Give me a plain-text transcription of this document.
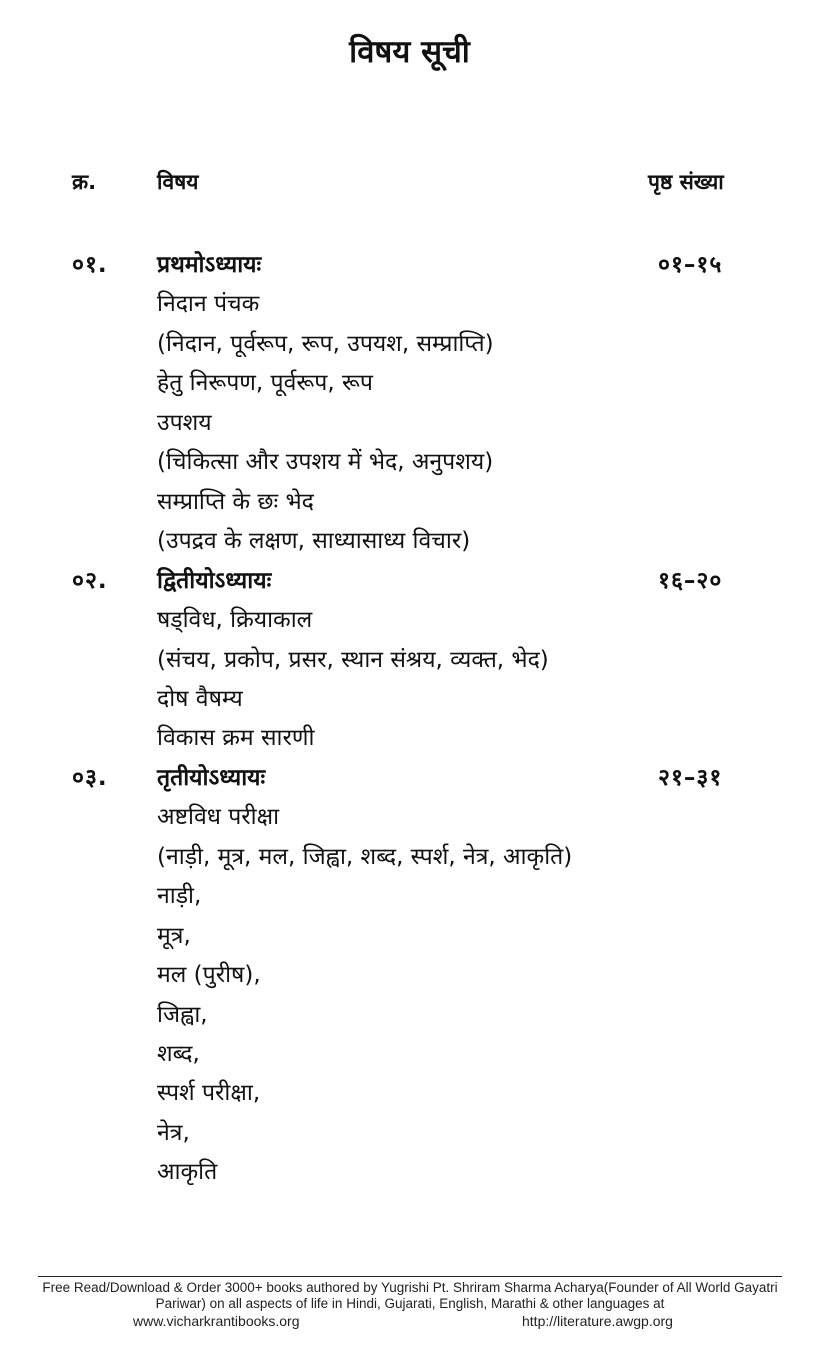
विषय सूची
क्र.	विषय	पृष्ठ संख्या
०१. प्रथमोऽध्यायः	०१–१५
निदान पंचक
(निदान, पूर्वरूप, रूप, उपयश, सम्प्राप्ति)
हेतु निरूपण, पूर्वरूप, रूप
उपशय
(चिकित्सा और उपशय में भेद, अनुपशय)
सम्प्राप्ति के छः भेद
(उपद्रव के लक्षण, साध्यासाध्य विचार)
०२. द्वितीयोऽध्यायः	१६–२०
षड्विध, क्रियाकाल
(संचय, प्रकोप, प्रसर, स्थान संश्रय, व्यक्त, भेद)
दोष वैषम्य
विकास क्रम सारणी
०३. तृतीयोऽध्यायः	२१–३१
अष्टविध परीक्षा
(नाड़ी, मूत्र, मल, जिह्वा, शब्द, स्पर्श, नेत्र, आकृति)
नाड़ी,
मूत्र,
मल (पुरीष),
जिह्वा,
शब्द,
स्पर्श परीक्षा,
नेत्र,
आकृति
Free Read/Download & Order 3000+ books authored by Yugrishi Pt. Shriram Sharma Acharya(Founder of All World Gayatri Pariwar) on all aspects of life in Hindi, Gujarati, English, Marathi & other languages at
www.vicharkrantibooks.org	http://literature.awgp.org
